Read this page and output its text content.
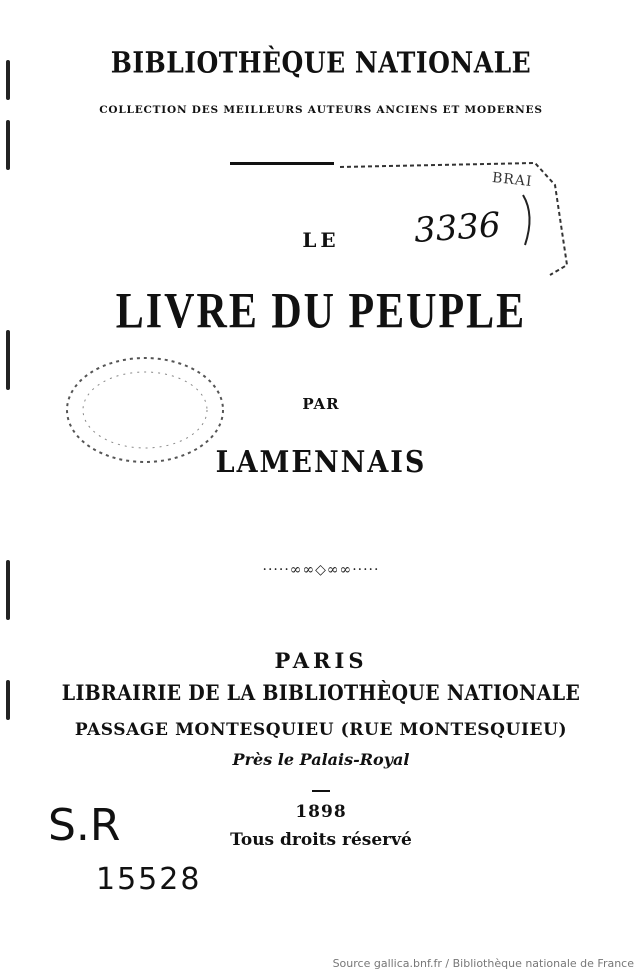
BIBLIOTHÈQUE NATIONALE
COLLECTION DES MEILLEURS AUTEURS ANCIENS ET MODERNES
BRAI
3336
LE
LIVRE DU PEUPLE
PAR
LAMENNAIS
·····∞∞◇∞∞·····
PARIS
LIBRAIRIE DE LA BIBLIOTHÈQUE NATIONALE
PASSAGE MONTESQUIEU (RUE MONTESQUIEU)
Près le Palais-Royal
1898
Tous droits réservé
S.R
15528
Source gallica.bnf.fr / Bibliothèque nationale de France
